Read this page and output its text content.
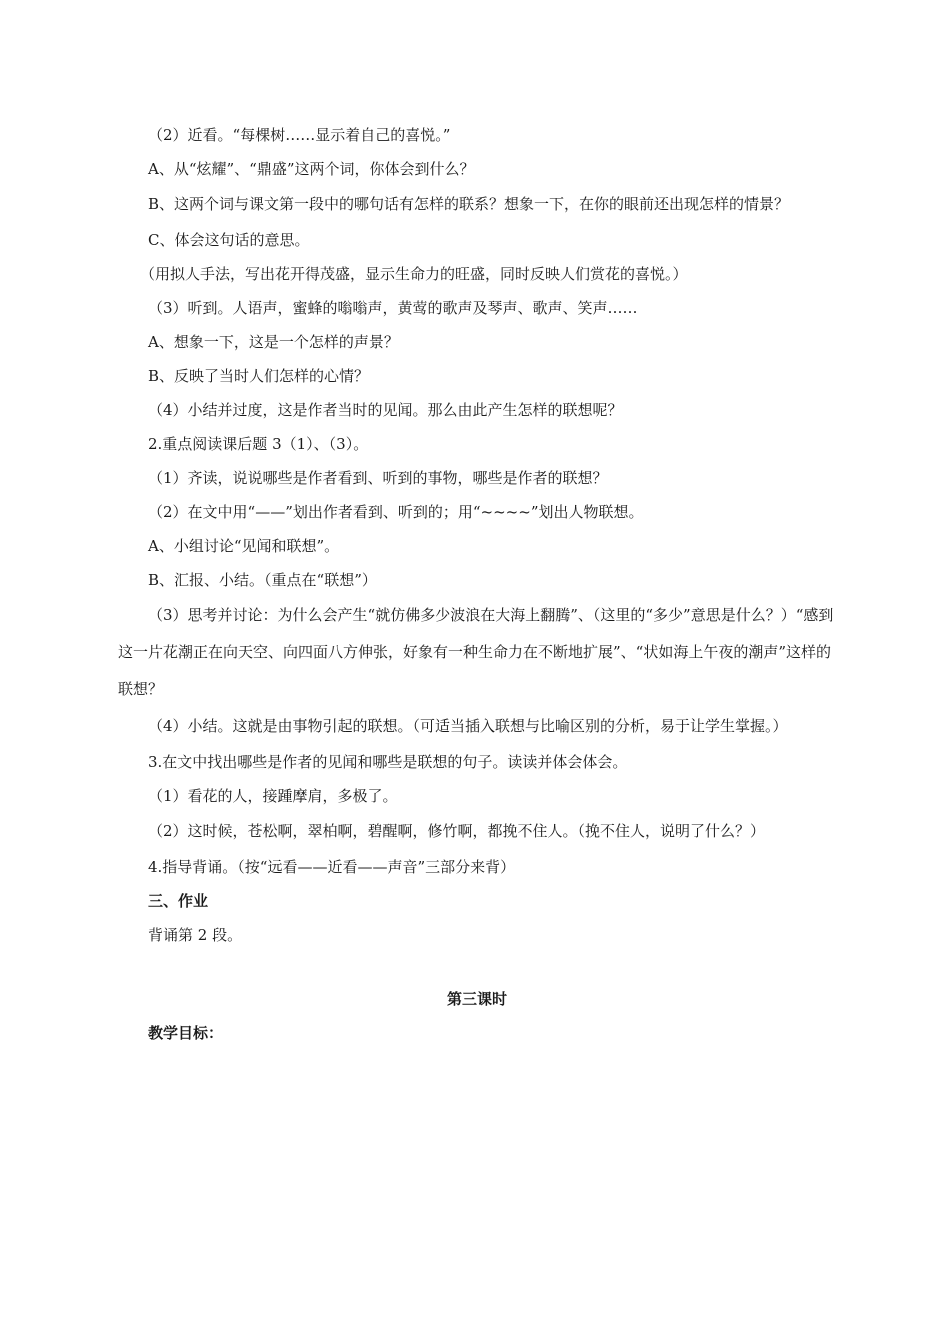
（2）近看。“每棵树……显示着自己的喜悦。”

A、从“炫耀”、“鼎盛”这两个词，你体会到什么？

B、这两个词与课文第一段中的哪句话有怎样的联系？想象一下，在你的眼前还出现怎样的情景？

C、体会这句话的意思。

（用拟人手法，写出花开得茂盛，显示生命力的旺盛，同时反映人们赏花的喜悦。）

（3）听到。人语声，蜜蜂的嗡嗡声，黄莺的歌声及琴声、歌声、笑声……

A、想象一下，这是一个怎样的声景？

B、反映了当时人们怎样的心情？

（4）小结并过度，这是作者当时的见闻。那么由此产生怎样的联想呢？

2.重点阅读课后题 3（1）、（3）。

（1）齐读，说说哪些是作者看到、听到的事物，哪些是作者的联想？

（2）在文中用“——”划出作者看到、听到的；用“~~~~”划出人物联想。

A、小组讨论“见闻和联想”。

B、汇报、小结。（重点在“联想”）

（3）思考并讨论：为什么会产生“就仿佛多少波浪在大海上翻腾”、（这里的“多少”意思是什么？）“感到这一片花潮正在向天空、向四面八方伸张，好象有一种生命力在不断地扩展”、“状如海上午夜的潮声”这样的联想？

（4）小结。这就是由事物引起的联想。（可适当插入联想与比喻区别的分析，易于让学生掌握。）

3.在文中找出哪些是作者的见闻和哪些是联想的句子。读读并体会体会。

（1）看花的人，接踵摩肩，多极了。

（2）这时候，苍松啊，翠柏啊，碧醒啊，修竹啊，都挽不住人。（挽不住人，说明了什么？）

4.指导背诵。（按“远看——近看——声音”三部分来背）

三、作业

背诵第 2 段。

第三课时

教学目标：
